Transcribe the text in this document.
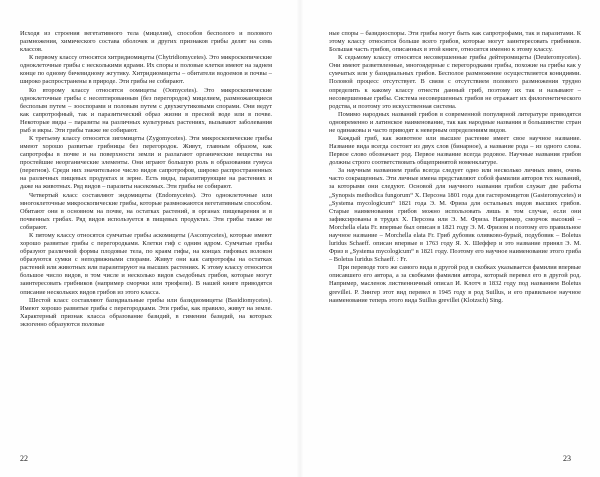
Исходя из строения вегетативного тела (мицелия), способов бесполого и полового размножения, химического состава оболочек и других признаков грибы делят на семь классов.

К первому классу относятся хитридиомицеты (Chytridiomycetes). Это микроскопические одноклеточные грибы с несколькими ядрами. Их споры и половые клетки имеют на заднем конце по одному бичевидному жгутику. Хитридиомицеты – обитатели водоемов и почвы – широко распространены в природе. Эти грибы не собирают.

Ко второму классу относятся оомицеты (Oomycetes). Это микроскопические одноклеточные грибы с несептированным (без перегородок) мицелием, размножающиеся бесполым путем – зооспорами и половым путем с двухжгутиковыми спорами. Они ведут как сапротрофный, так и паразитический образ жизни в пресной воде или в почве. Некоторые виды – паразиты на различных культурных растениях, вызывают заболевания рыб и икры. Эти грибы также не собирают.

К третьему классу относятся зигомицеты (Zygomycetes). Эти микроскопические грибы имеют хорошо развитые грибницы без перегородок. Живут, главным образом, как сапротрофы в почве и на поверхности земли и разлагают органические вещества на простейшие неорганические элементы. Они играют большую роль в образовании гумуса (перегноя). Среди них значительное число видов сапротрофов, широко распространенных на различных пищевых продуктах и зерне. Есть виды, паразитирующие на растениях и даже на животных. Ряд видов – паразиты насекомых. Эти грибы не собирают.

Четвертый класс составляют эндомицеты (Endomycetes). Это одноклеточные или многоклеточные микроскопические грибы, которые размножаются вегетативным способом. Обитают они в основном на почве, на остатках растений, в органах пищеварения и в почвенных грибах. Ряд видов используется в пищевых продуктах. Эти грибы также не собирают.

К пятому классу относятся сумчатые грибы аскомицеты (Ascomycetes), которые имеют хорошо развитые грибы с перегородками. Клетки гиф с одним ядром. Сумчатые грибы образуют различной формы плодовые тела, по краям гифы, на концах гифовых волокон образуются сумки с неподвижными спорами. Живут они как сапротрофы на остатках растений или животных или паразитируют на высших растениях. К этому классу относится большое число видов, в том числе и несколько видов съедобных грибов, которые могут заинтересовать грибников (например сморчки или трюфели). В нашей книге приводятся описание нескольких видов грибов из этого класса.

Шестой класс составляют базидиальные грибы или базидиомицеты (Basidiomycetes). Имеют хорошо развитые грибы с перегородками. Эти грибы, как правило, живут на земле. Характерный признак класса образование базидий, в гимении базидий, на которых экзогенно образуются половые

22

ные споры – базидиоспоры. Эти грибы могут быть как сапротрофами, так и паразитами. К этому классу относится больше всего грибов, которые могут заинтересовать грибников. Большая часть грибов, описанных в этой книге, относится именно к этому классу.

К седьмому классу относятся несовершенные грибы дейтеромицеты (Deuteromycetes). Они имеют разветвленные, многоядерные с перегородками грибы, похожие на грибы как у сумчатых или у базидиальных грибов. Бесполое размножение осуществляется конидиями. Половой процесс отсутствует. В связи с отсутствием полового размножения трудно определить к какому классу отнести данный гриб, поэтому их так и называют – несовершенные грибы. Система несовершенных грибов не отражает их филогенетического родства, и поэтому это искусственная система.

Помимо народных названий грибов в современной популярной литературе приводятся одновременно и латинское наименование, так как народные названия в большинстве стран не одинаковы и часто приводят к неверным определениям видов.

Каждый гриб, как животное или высшее растение имеет свое научное название. Название вида всегда состоит из двух слов (бинарное), а название рода – из одного слова. Первое слово обозначает род. Первое название всегда родовое. Научные названия грибов должны строго соответствовать общепринятой номенклатуре.

За научным названием гриба всегда следует одно или несколько личных имен, очень часто сокращенных. Эти личные имена представляют собой фамилии авторов тех названий, за которыми они следуют. Основой для научного названия грибов служат две работы „Synopsis methodica fungorum“ Х. Персона 1801 года для гастеромицетов (Gasteromycetes) и „Systema mycologicum“ 1821 года Э. М. Фриза для остальных видов высших грибов. Старые наименования грибов можно использовать лишь в том случае, если они зафиксированы в трудах Х. Персона или Э. М. Фриза. Например, сморчок высокий – Morchella elata Fr. впервые был описан в 1821 году Э. М. Фризом и поэтому его правильное научное название – Morchella elata Fr. Гриб дубовик оливково-бурый, подубовик – Boletus luridus Schaeff. описан впервые в 1763 году Я. Х. Шеффер и это название принял Э. М. Фриз в „Systema mycologicum“ в 1821 году. Поэтому его научное наименование этого гриба – Boletus luridus Schaeff. : Fr.

При переводе того же самого вида в другой род в скобках указывается фамилия впервые описавшего его автора, а за скобками фамилия автора, который перевел его в другой род. Например, масленок лиственничный описал И. Клотч в 1832 году под названием Boletus grevillei. Р. Зингер этот вид перевел в 1945 году в род Suillus, и его правильное научное наименование теперь этого вида Suillus grevillei (Klotzsch) Sing.

23
